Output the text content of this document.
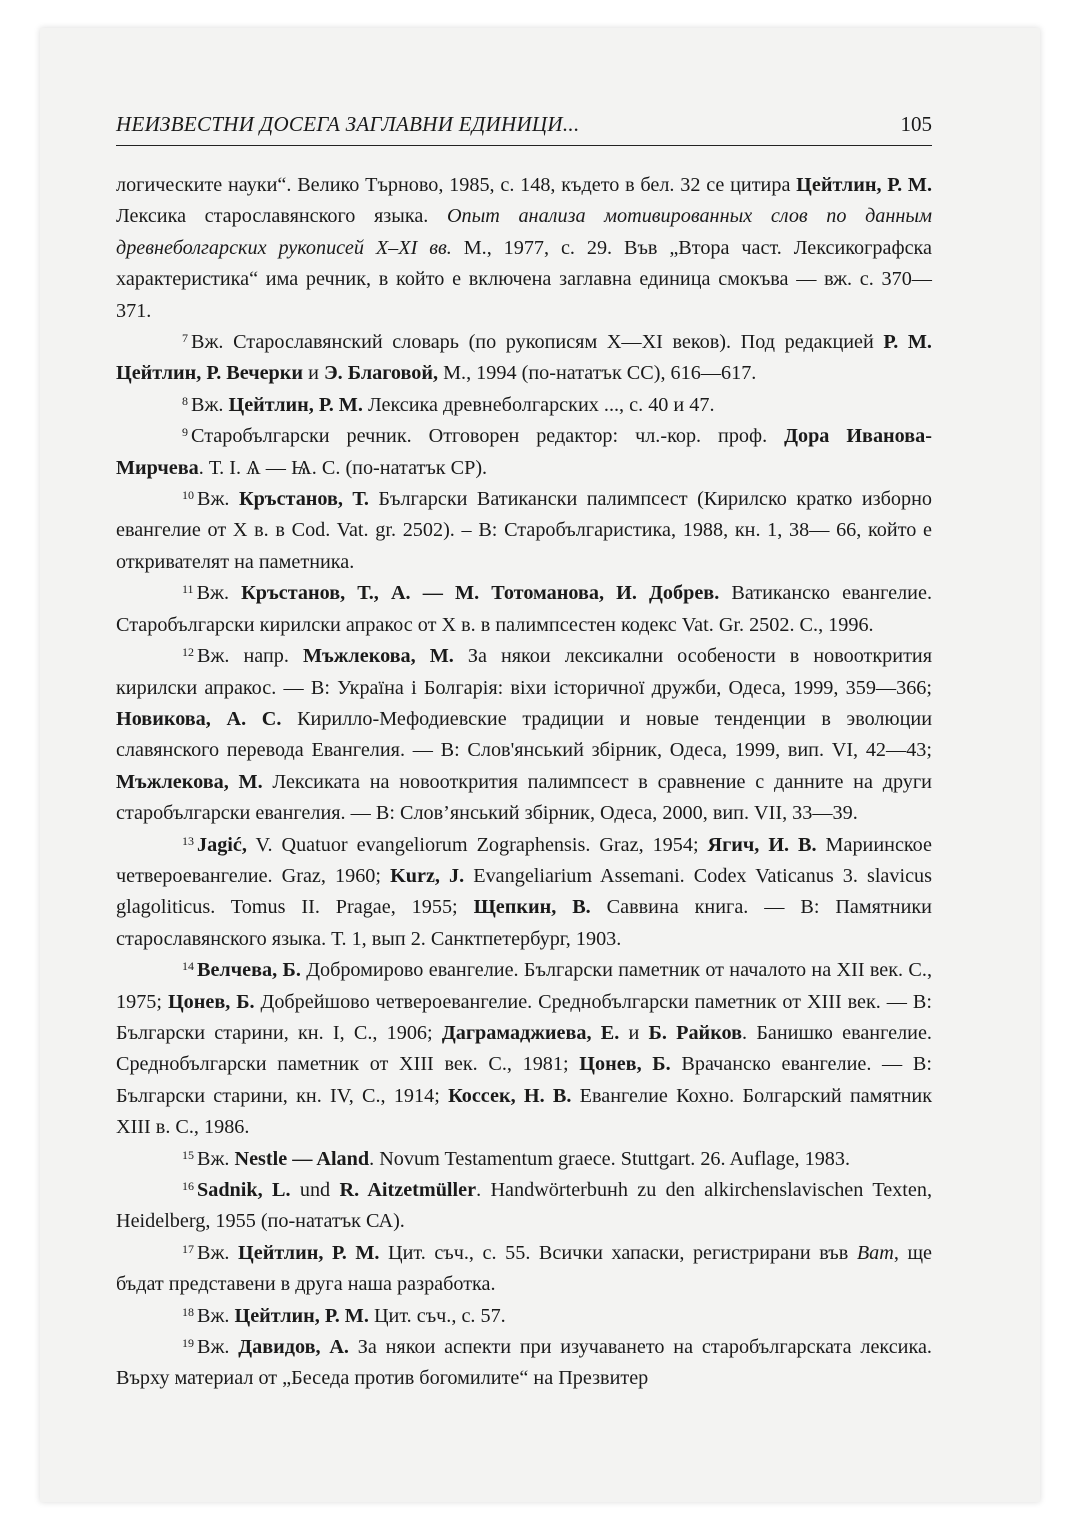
НЕИЗВЕСТНИ ДОСЕГА ЗАГЛАВНИ ЕДИНИЦИ...	105

логическите науки“. Велико Търново, 1985, с. 148, където в бел. 32 се цитира Цейтлин, Р. М. Лексика старославянского языка. Опыт анализа мотивированных слов по данным древнеболгарских рукописей X–XI вв. М., 1977, с. 29. Във „Втора част. Лексикографска характеристика“ има речник, в който е включена заглавна единица смокъва — вж. с. 370—371.

$^7$ Вж. Старославянский словарь (по рукописям X—XI веков). Под редакцией Р. М. Цейтлин, Р. Вечерки и Э. Благовой, М., 1994 (по-нататък СС), 616—617.

$^8$ Вж. Цейтлин, Р. М. Лексика древнеболгарских ..., с. 40 и 47.

$^9$ Старобългарски речник. Отговорен редактор: чл.-кор. проф. Дора Иванова-Мирчева. Т. I. Ѧ — Ѩ. С. (по-нататък СР).

$^{10}$ Вж. Кръстанов, Т. Български Ватикански палимпсест (Кирилско кратко изборно евангелие от X в. в Cod. Vat. gr. 2502). – В: Старобългаристика, 1988, кн. 1, 38— 66, който е откривателят на паметника.

$^{11}$ Вж. Кръстанов, Т., А. — М. Тотоманова, И. Добрев. Ватиканско евангелие. Старобългарски кирилски апракос от X в. в палимпсестен кодекс Vat. Gr. 2502. С., 1996.

$^{12}$ Вж. напр. Мъжлекова, М. За някои лексикални особености в новооткрития кирилски апракос. — В: Україна і Болгарія: віхи історичної дружби, Одеса, 1999, 359—366; Новикова, А. С. Кирилло-Мефодиевские традиции и новые тенденции в эволюции славянского перевода Евангелия. — В: Слов'янський збірник, Одеса, 1999, вип. VI, 42—43; Мъжлекова, М. Лексиката на новооткрития палимпсест в сравнение с данните на други старобългарски евангелия. — В: Слов’янський збірник, Одеса, 2000, вип. VII, 33—39.

$^{13}$ Jagić, V. Quatuor evangeliorum Zographensis. Graz, 1954; Ягич, И. В. Мариинское четвероевангелие. Graz, 1960; Kurz, J. Evangeliarium Assemani. Codex Vaticanus 3. slavicus glagoliticus. Tomus II. Pragae, 1955; Щепкин, В. Саввина книга. — В: Памятники старославянского языка. Т. 1, вып 2. Санктпетербург, 1903.

$^{14}$ Велчева, Б. Добромирово евангелие. Български паметник от началото на XII век. С., 1975; Цонев, Б. Добрейшово четвероевангелие. Среднобългарски паметник от XIII век. — В: Български старини, кн. I, С., 1906; Даграмаджиева, Е. и Б. Райков. Банишко евангелие. Среднобългарски паметник от XIII век. С., 1981; Цонев, Б. Врачанско евангелие. — В: Български старини, кн. IV, С., 1914; Коссек, Н. В. Евангелие Кохно. Болгарский памятник XIII в. С., 1986.

$^{15}$ Вж. Nestle — Aland. Novum Testamentum graece. Stuttgart. 26. Auflage, 1983.

$^{16}$ Sadnik, L. und R. Aitzetmüller. Handwörterbuнh zu den alkirchenslavischen Texten, Heidelberg, 1955 (по-нататък СА).

$^{17}$ Вж. Цейтлин, Р. М. Цит. съч., с. 55. Всички хапаски, регистрирани във Ват, ще бъдат представени в друга наша разработка.

$^{18}$ Вж. Цейтлин, Р. М. Цит. съч., с. 57.

$^{19}$ Вж. Давидов, А. За някои аспекти при изучаването на старобългарската лексика. Върху материал от „Беседа против богомилите“ на Презвитер
